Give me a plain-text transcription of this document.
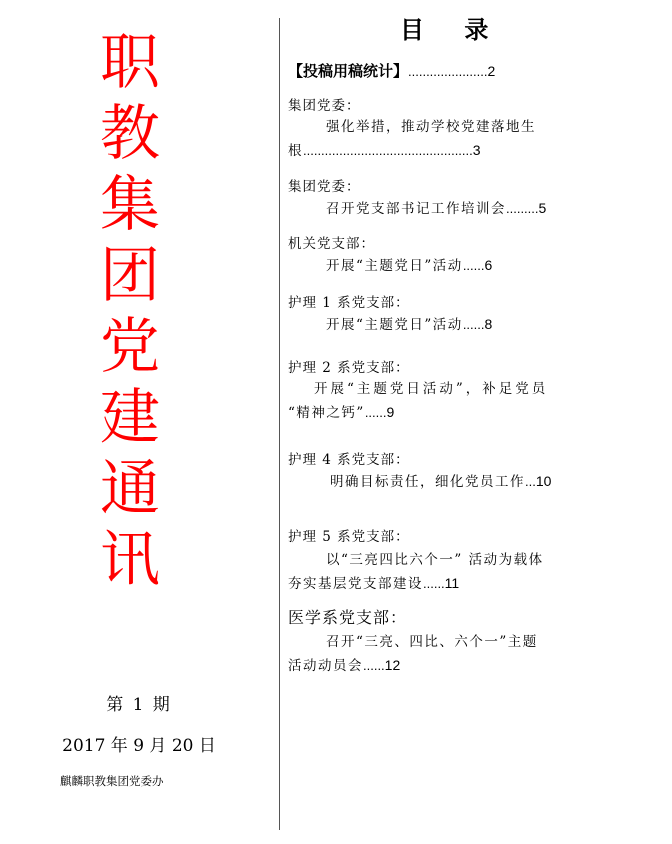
职
教
集
团
党
建
通
讯
第 1 期
2017 年 9 月 20 日
麒麟职教集团党委办
目 录
【投稿用稿统计】......................2
集团党委：
强化举措，推动学校党建落地生
根...............................................3
集团党委：
召开党支部书记工作培训会.........5
机关党支部：
开展“主题党日”活动......6
护理 1 系党支部：
开展“主题党日”活动......8
护理 2 系党支部：
开展“主题党日活动”，补足党员
“精神之钙”......9
护理 4 系党支部：
明确目标责任，细化党员工作...10
护理 5 系党支部：
以“三亮四比六个一” 活动为载体
夯实基层党支部建设......11
医学系党支部：
召开“三亮、四比、六个一”主题
活动动员会......12
